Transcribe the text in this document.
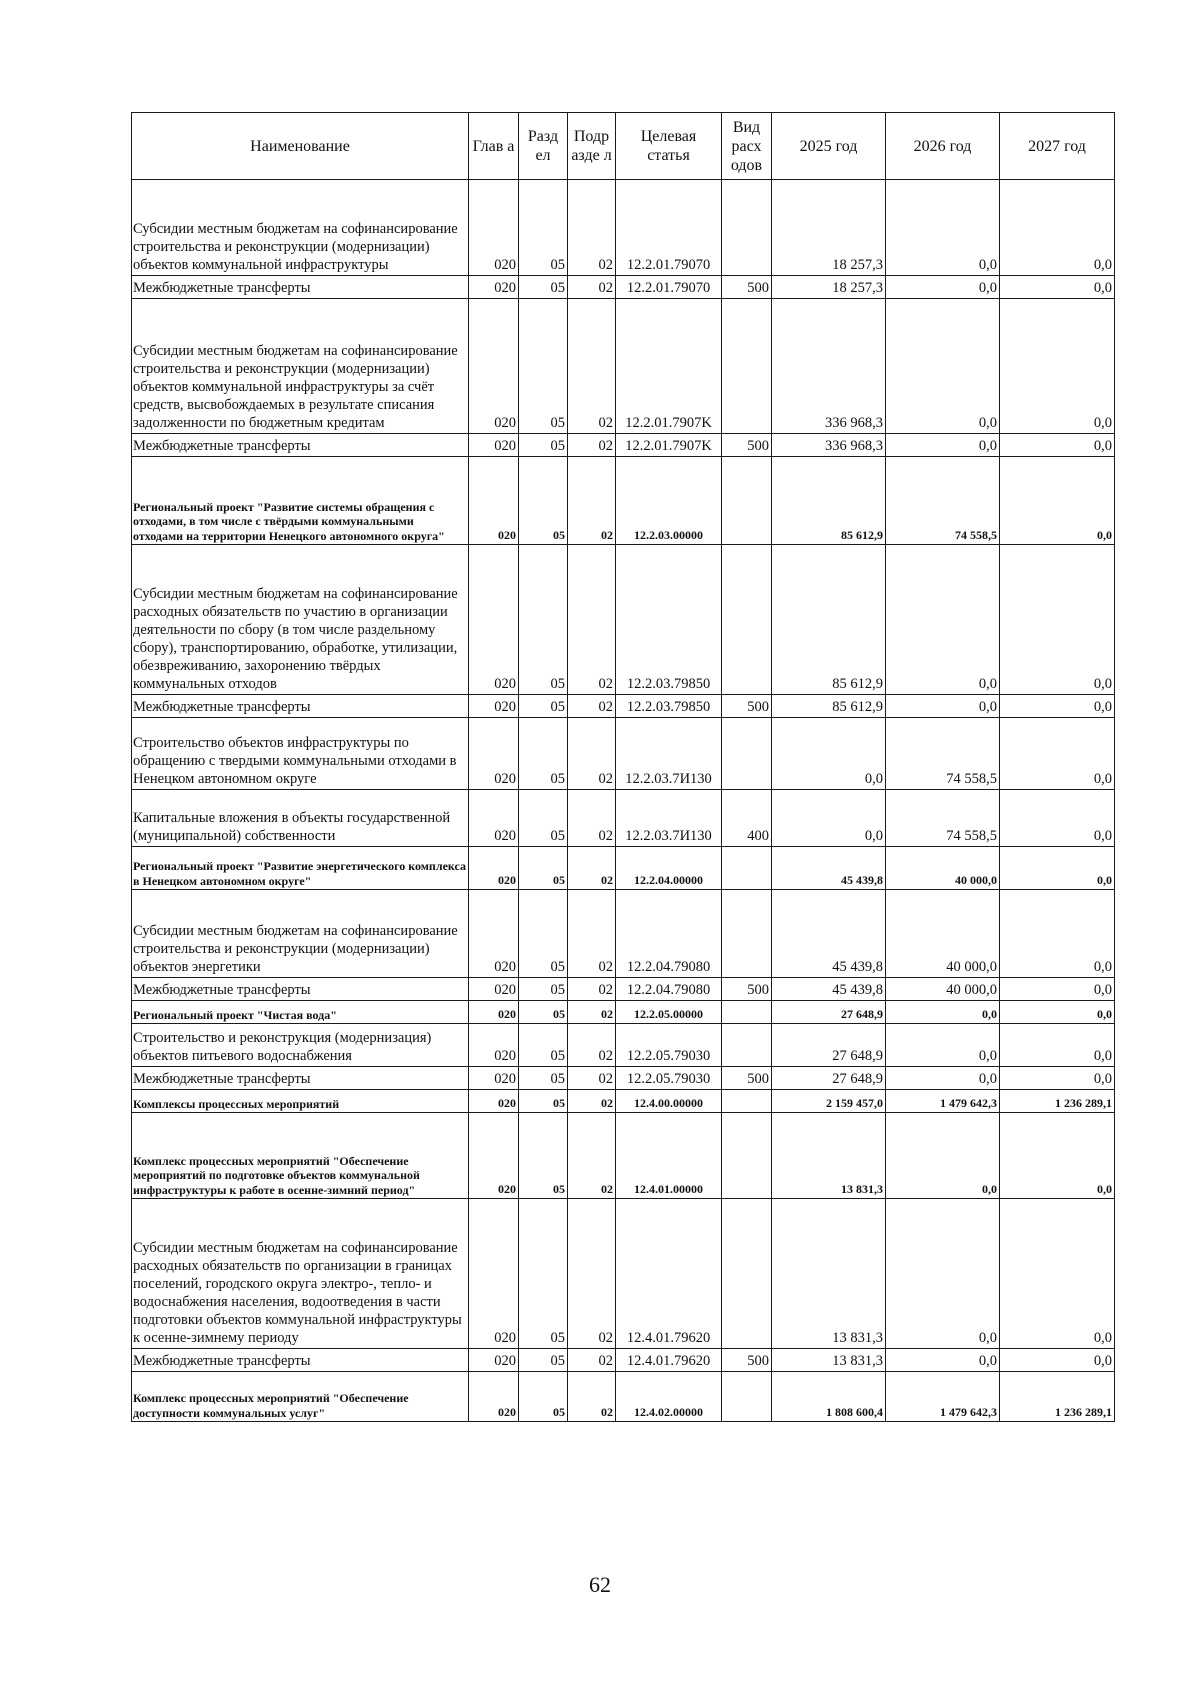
Наименование	Глав а	Разд ел	Подр азде л	Целевая статья	Вид расх одов	2025 год	2026 год	2027 год
Субсидии местным бюджетам на софинансирование строительства и реконструкции (модернизации) объектов коммунальной инфраструктуры	020	05	02	12.2.01.79070		18 257,3	0,0	0,0
Межбюджетные трансферты	020	05	02	12.2.01.79070	500	18 257,3	0,0	0,0
Субсидии местным бюджетам на софинансирование строительства и реконструкции (модернизации) объектов коммунальной инфраструктуры за счёт средств, высвобождаемых в результате списания задолженности по бюджетным кредитам	020	05	02	12.2.01.7907K		336 968,3	0,0	0,0
Межбюджетные трансферты	020	05	02	12.2.01.7907K	500	336 968,3	0,0	0,0
Региональный проект "Развитие системы обращения с отходами, в том числе с твёрдыми коммунальными отходами на территории Ненецкого автономного округа"	020	05	02	12.2.03.00000		85 612,9	74 558,5	0,0
Субсидии местным бюджетам на софинансирование расходных обязательств по участию в организации деятельности по сбору (в том числе раздельному сбору), транспортированию, обработке, утилизации, обезвреживанию, захоронению твёрдых коммунальных отходов	020	05	02	12.2.03.79850		85 612,9	0,0	0,0
Межбюджетные трансферты	020	05	02	12.2.03.79850	500	85 612,9	0,0	0,0
Строительство объектов инфраструктуры по обращению с твердыми коммунальными отходами в Ненецком автономном округе	020	05	02	12.2.03.7И130		0,0	74 558,5	0,0
Капитальные вложения в объекты государственной (муниципальной) собственности	020	05	02	12.2.03.7И130	400	0,0	74 558,5	0,0
Региональный проект "Развитие энергетического комплекса в Ненецком автономном округе"	020	05	02	12.2.04.00000		45 439,8	40 000,0	0,0
Субсидии местным бюджетам на софинансирование строительства и реконструкции (модернизации) объектов энергетики	020	05	02	12.2.04.79080		45 439,8	40 000,0	0,0
Межбюджетные трансферты	020	05	02	12.2.04.79080	500	45 439,8	40 000,0	0,0
Региональный проект "Чистая вода"	020	05	02	12.2.05.00000		27 648,9	0,0	0,0
Строительство и реконструкция (модернизация) объектов питьевого водоснабжения	020	05	02	12.2.05.79030		27 648,9	0,0	0,0
Межбюджетные трансферты	020	05	02	12.2.05.79030	500	27 648,9	0,0	0,0
Комплексы процессных мероприятий	020	05	02	12.4.00.00000		2 159 457,0	1 479 642,3	1 236 289,1
Комплекс процессных мероприятий "Обеспечение мероприятий по подготовке объектов коммунальной инфраструктуры к работе в осенне-зимний период"	020	05	02	12.4.01.00000		13 831,3	0,0	0,0
Субсидии местным бюджетам на софинансирование расходных обязательств по организации в границах поселений, городского округа электро-, тепло- и водоснабжения населения, водоотведения в части подготовки объектов коммунальной инфраструктуры к осенне-зимнему периоду	020	05	02	12.4.01.79620		13 831,3	0,0	0,0
Межбюджетные трансферты	020	05	02	12.4.01.79620	500	13 831,3	0,0	0,0
Комплекс процессных мероприятий "Обеспечение доступности коммунальных услуг"	020	05	02	12.4.02.00000		1 808 600,4	1 479 642,3	1 236 289,1
62
